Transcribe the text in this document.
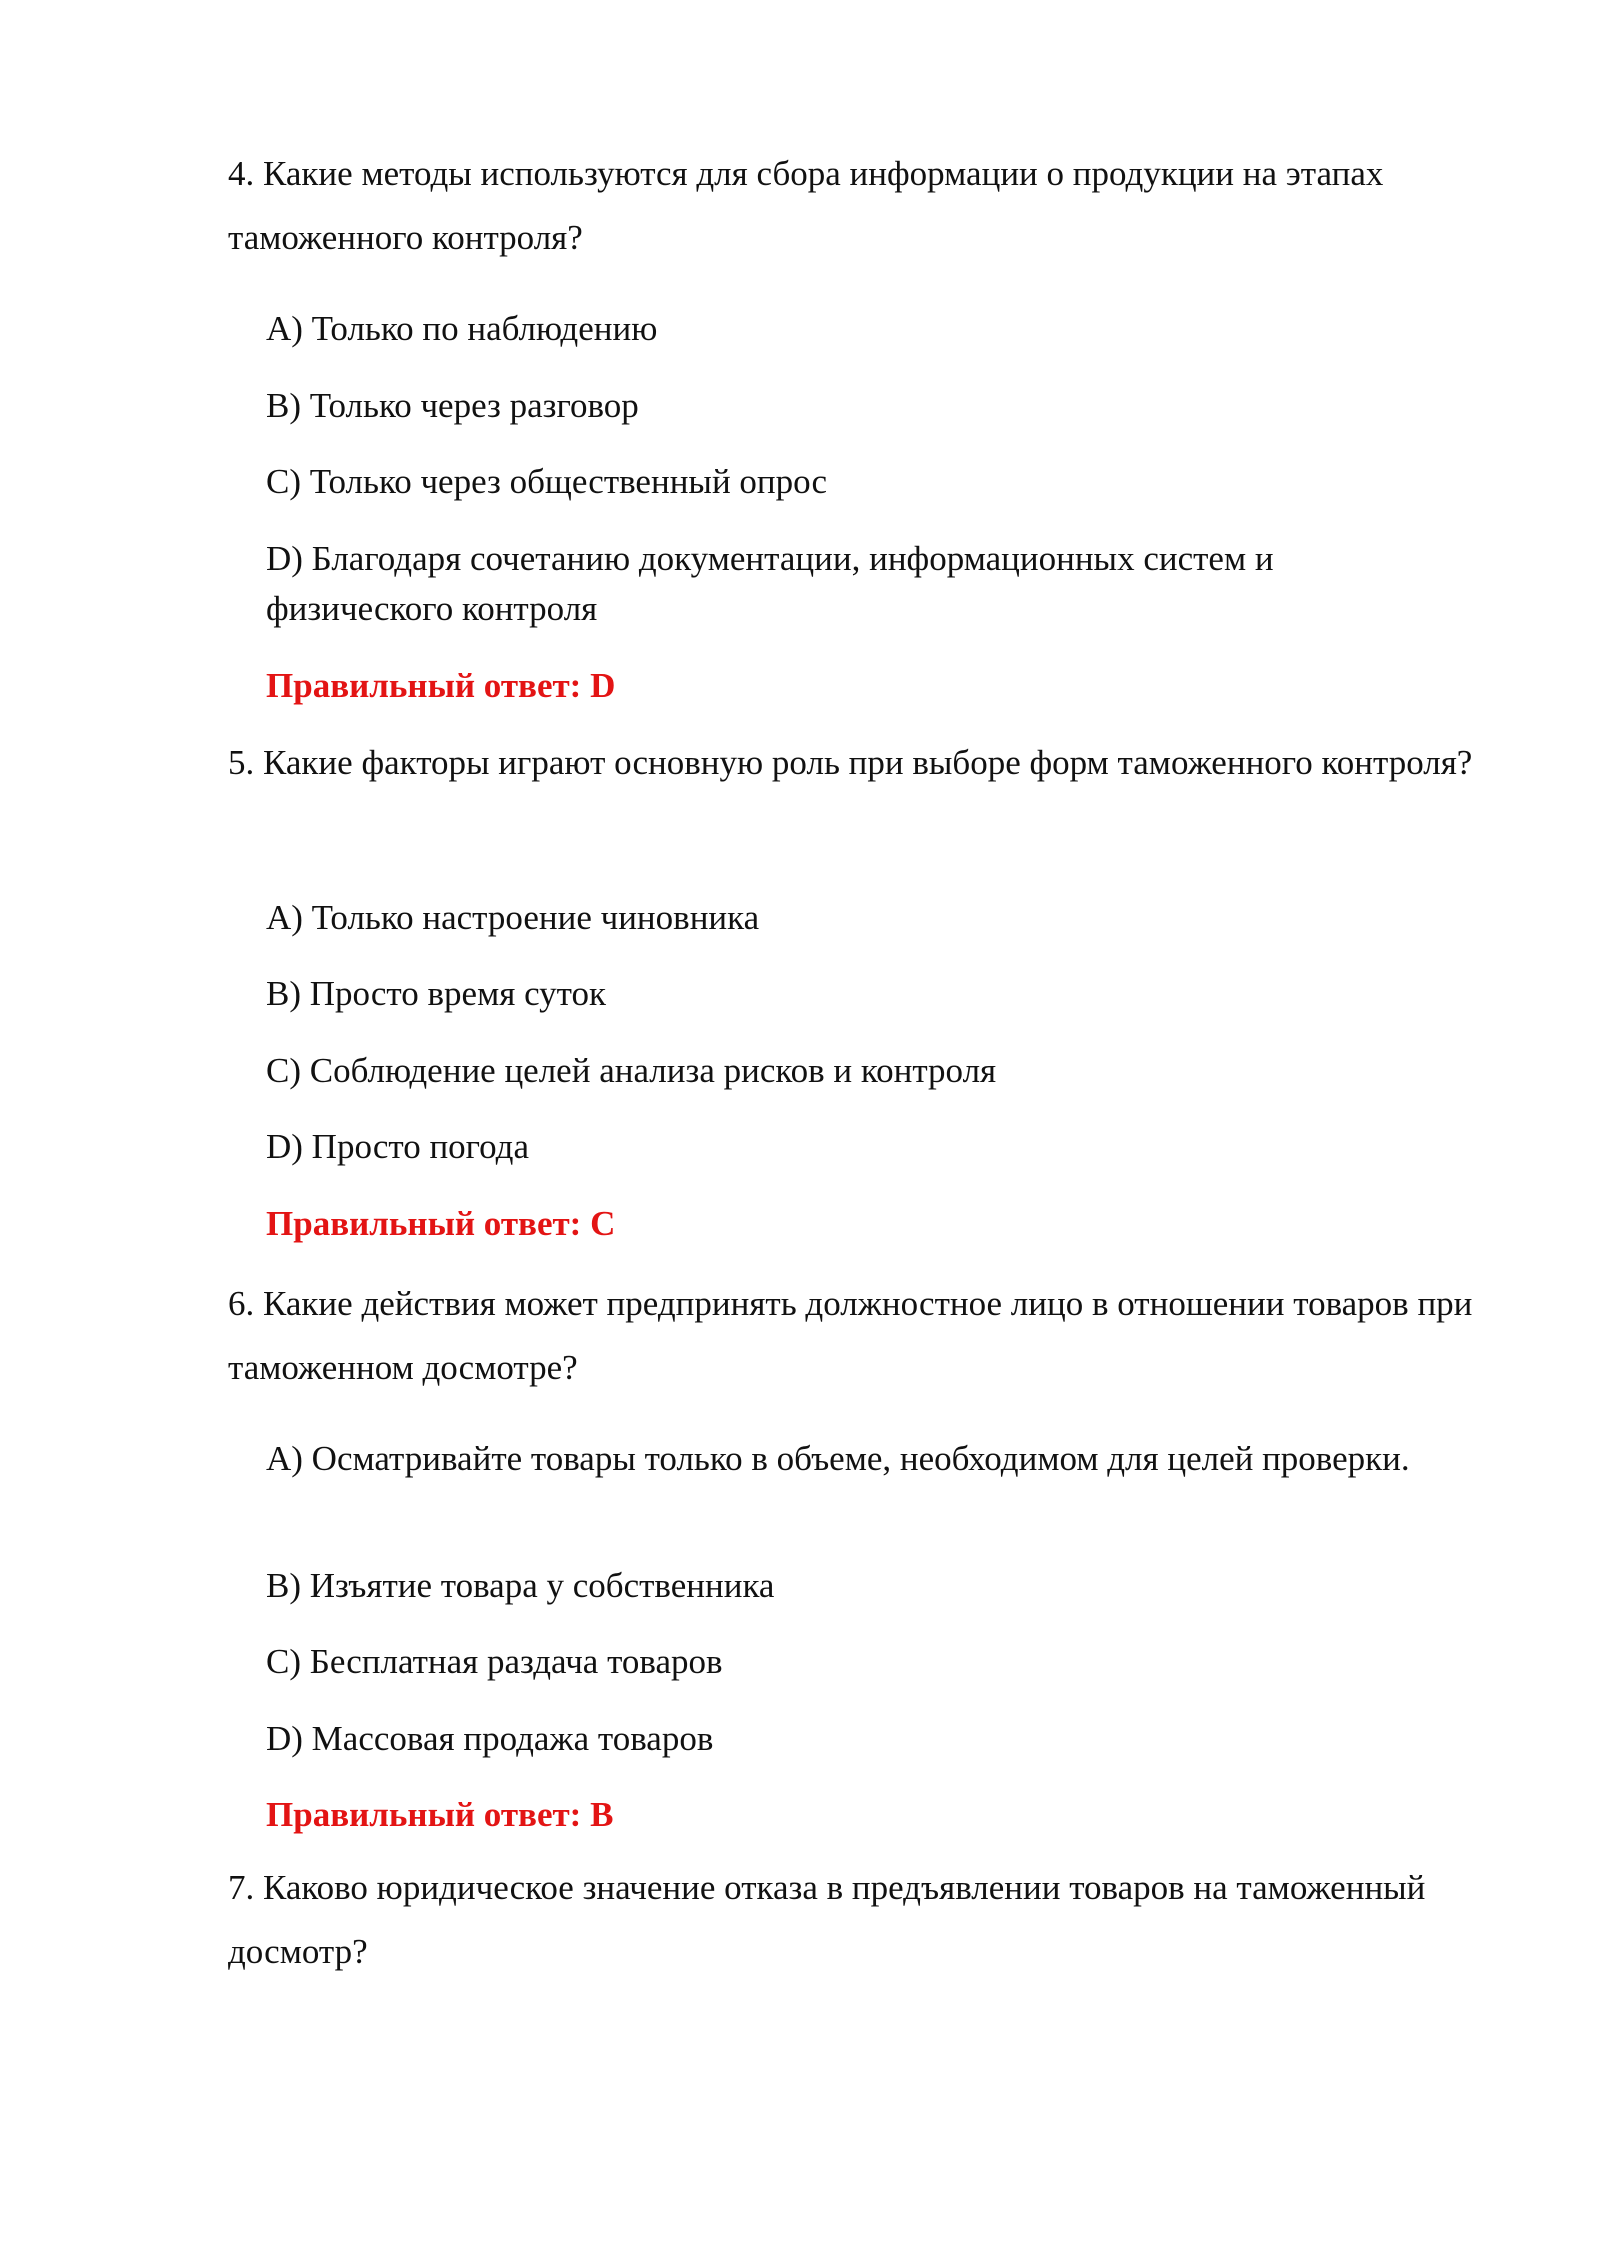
4. Какие методы используются для сбора информации о продукции на этапах таможенного контроля?

A) Только по наблюдению

B) Только через разговор

C) Только через общественный опрос

D) Благодаря сочетанию документации, информационных систем и физического контроля

Правильный ответ: D

5. Какие факторы играют основную роль при выборе форм таможенного контроля?

A) Только настроение чиновника

B) Просто время суток

C) Соблюдение целей анализа рисков и контроля

D) Просто погода

Правильный ответ: C

6. Какие действия может предпринять должностное лицо в отношении товаров при таможенном досмотре?

A) Осматривайте товары только в объеме, необходимом для целей проверки.

B) Изъятие товара у собственника

C) Бесплатная раздача товаров

D) Массовая продажа товаров

Правильный ответ: B

7. Каково юридическое значение отказа в предъявлении товаров на таможенный досмотр?
